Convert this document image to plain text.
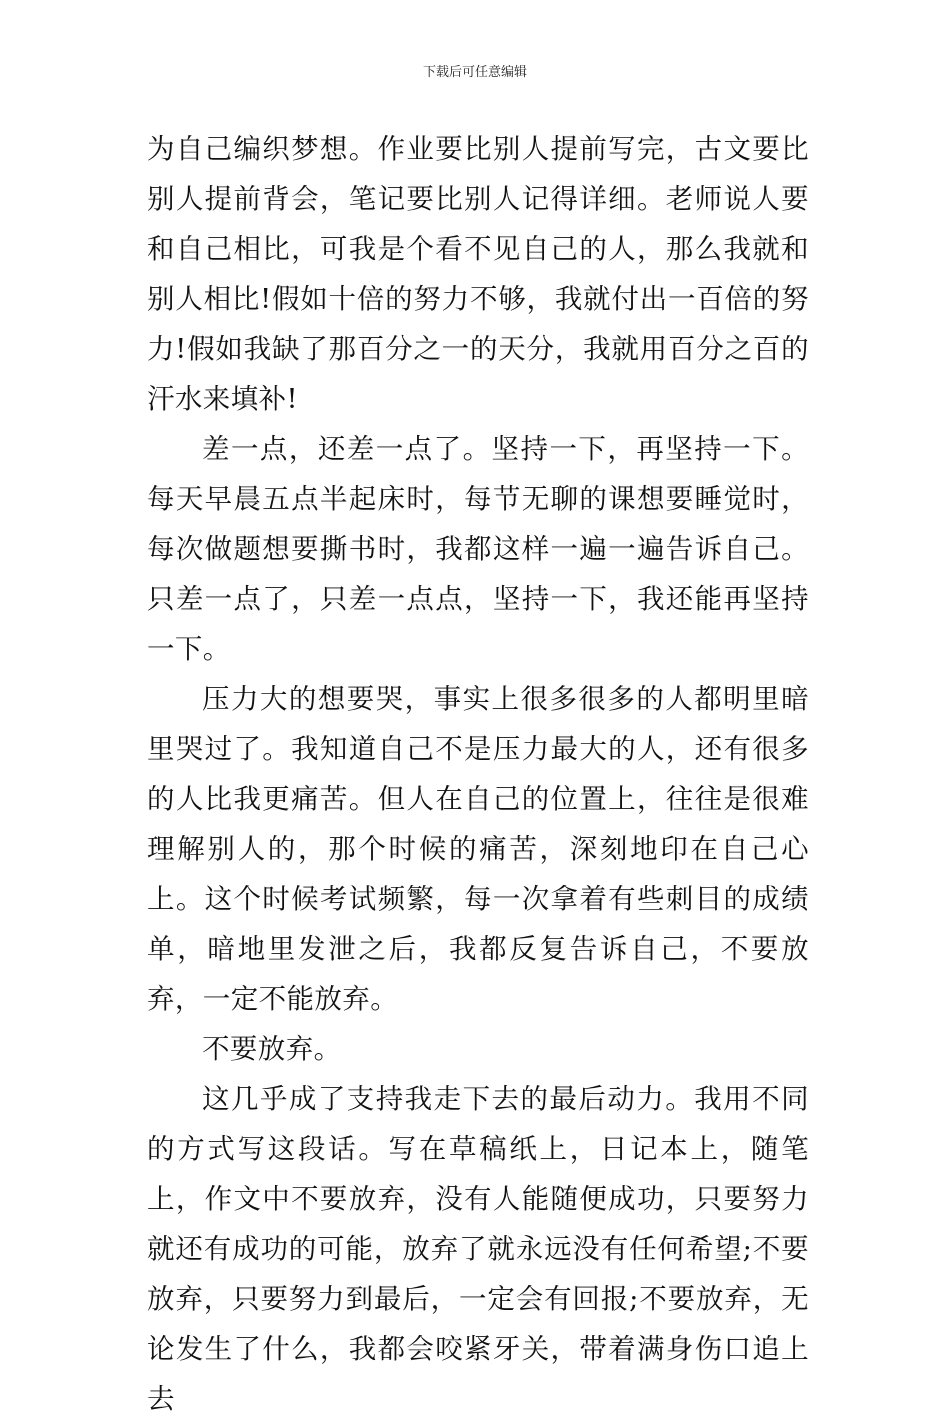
下载后可任意编辑

为自己编织梦想。作业要比别人提前写完，古文要比别人提前背会，笔记要比别人记得详细。老师说人要和自己相比，可我是个看不见自己的人，那么我就和别人相比!假如十倍的努力不够，我就付出一百倍的努力!假如我缺了那百分之一的天分，我就用百分之百的汗水来填补!

差一点，还差一点了。坚持一下，再坚持一下。每天早晨五点半起床时，每节无聊的课想要睡觉时，每次做题想要撕书时，我都这样一遍一遍告诉自己。只差一点了，只差一点点，坚持一下，我还能再坚持一下。

压力大的想要哭，事实上很多很多的人都明里暗里哭过了。我知道自己不是压力最大的人，还有很多的人比我更痛苦。但人在自己的位置上，往往是很难理解别人的，那个时候的痛苦，深刻地印在自己心上。这个时候考试频繁，每一次拿着有些刺目的成绩单，暗地里发泄之后，我都反复告诉自己，不要放弃，一定不能放弃。

不要放弃。

这几乎成了支持我走下去的最后动力。我用不同的方式写这段话。写在草稿纸上，日记本上，随笔上，作文中不要放弃，没有人能随便成功，只要努力就还有成功的可能，放弃了就永远没有任何希望;不要放弃，只要努力到最后，一定会有回报;不要放弃，无论发生了什么，我都会咬紧牙关，带着满身伤口追上去
